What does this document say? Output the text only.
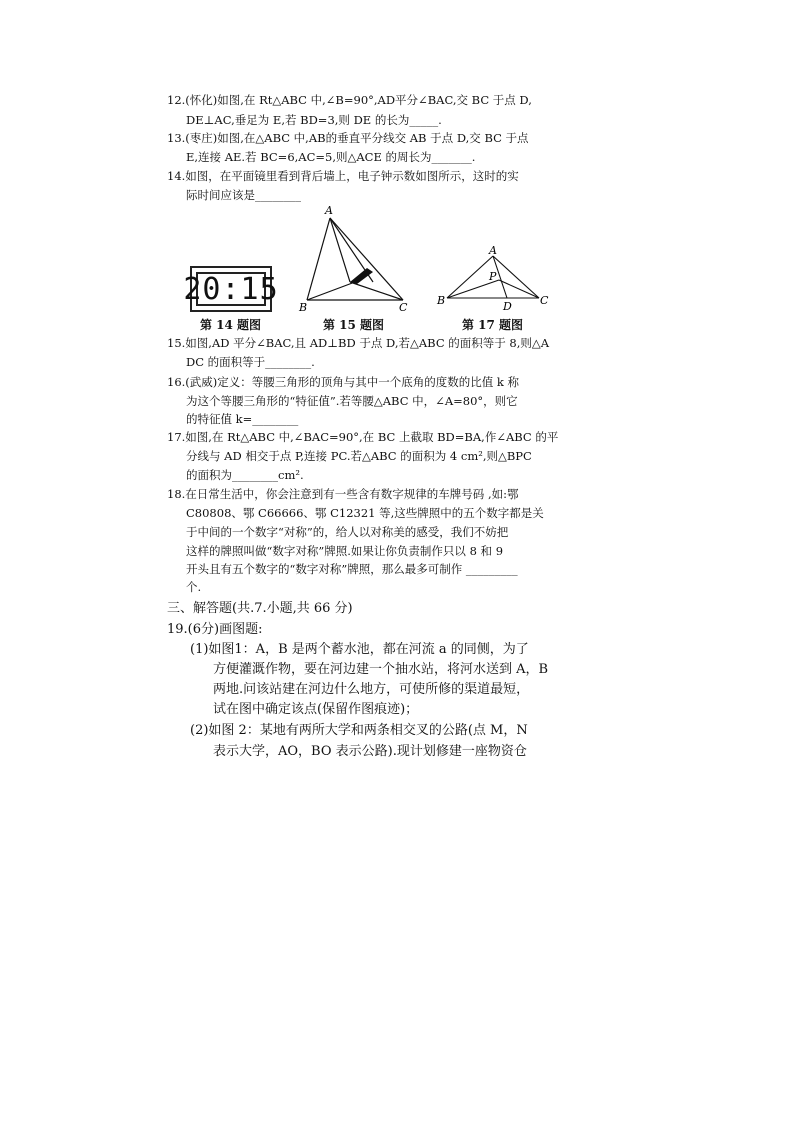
12.(怀化)如图,在 Rt△ABC 中,∠B=90°,AD平分∠BAC,交 BC 于点 D,
DE⊥AC,垂足为 E,若 BD=3,则 DE 的长为_____.
13.(枣庄)如图,在△ABC 中,AB的垂直平分线交 AB 于点 D,交 BC 于点
E,连接 AE.若 BC=6,AC=5,则△ACE 的周长为_______.
14.如图，在平面镜里看到背后墙上，电子钟示数如图所示，这时的实
际时间应该是________
20:15
第 14 题图
A
B	C
第 15 题图
A
P
B	D	C
第 17 题图
15.如图,AD 平分∠BAC,且 AD⊥BD 于点 D,若△ABC 的面积等于 8,则△A
DC 的面积等于________.
16.(武威)定义：等腰三角形的顶角与其中一个底角的度数的比值 k 称
为这个等腰三角形的“特征值”.若等腰△ABC 中，∠A=80°，则它
的特征值 k=________
17.如图,在 Rt△ABC 中,∠BAC=90°,在 BC 上截取 BD=BA,作∠ABC 的平
分线与 AD 相交于点 P,连接 PC.若△ABC 的面积为 4 cm²,则△BPC
的面积为________cm².
18.在日常生活中，你会注意到有一些含有数字规律的车牌号码 ,如:鄂
C80808、鄂 C66666、鄂 C12321 等,这些牌照中的五个数字都是关
于中间的一个数字“对称”的，给人以对称美的感受，我们不妨把
这样的牌照叫做“数字对称”牌照.如果让你负责制作只以 8 和 9
开头且有五个数字的“数字对称”牌照，那么最多可制作 _________
个.
三、解答题(共.7.小题,共 66 分)
19.(6分)画图题:
(1)如图1：A，B 是两个蓄水池，都在河流 a 的同侧，为了
方便灌溉作物，要在河边建一个抽水站，将河水送到 A，B
两地.问该站建在河边什么地方，可使所修的渠道最短，
试在图中确定该点(保留作图痕迹)；
(2)如图 2：某地有两所大学和两条相交叉的公路(点 M，N
表示大学，AO，BO 表示公路).现计划修建一座物资仓
